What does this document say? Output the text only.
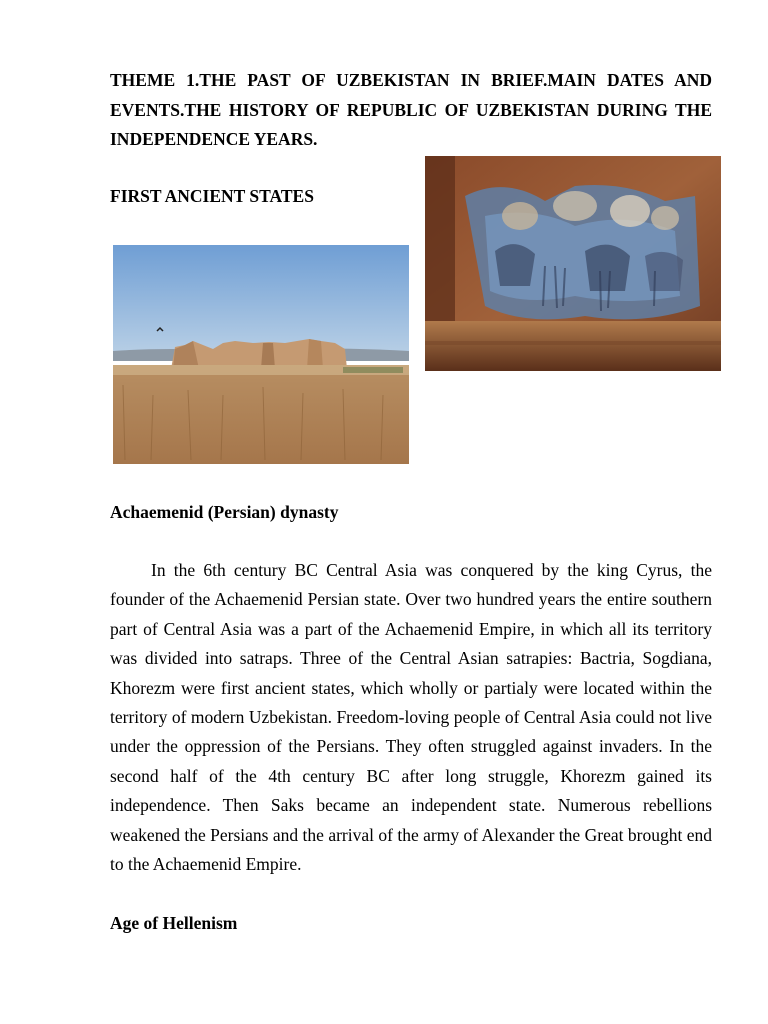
THEME 1.THE PAST OF UZBEKISTAN IN BRIEF.MAIN DATES AND EVENTS.THE HISTORY OF REPUBLIC OF UZBEKISTAN DURING THE INDEPENDENCE YEARS.

FIRST ANCIENT STATES

Achaemenid (Persian) dynasty

In the 6th century BC Central Asia was conquered by the king Cyrus, the founder of the Achaemenid Persian state. Over two hundred years the entire southern part of Central Asia was a part of the Achaemenid Empire, in which all its territory was divided into satraps. Three of the Central Asian satrapies: Bactria, Sogdiana, Khorezm were first ancient states, which wholly or partialy were located within the territory of modern Uzbekistan. Freedom-loving people of Central Asia could not live under the oppression of the Persians. They often struggled against invaders. In the second half of the 4th century BC after long struggle, Khorezm gained its independence. Then Saks became an independent state. Numerous rebellions weakened the Persians and the arrival of the army of Alexander the Great brought end to the Achaemenid Empire.

Age of Hellenism
